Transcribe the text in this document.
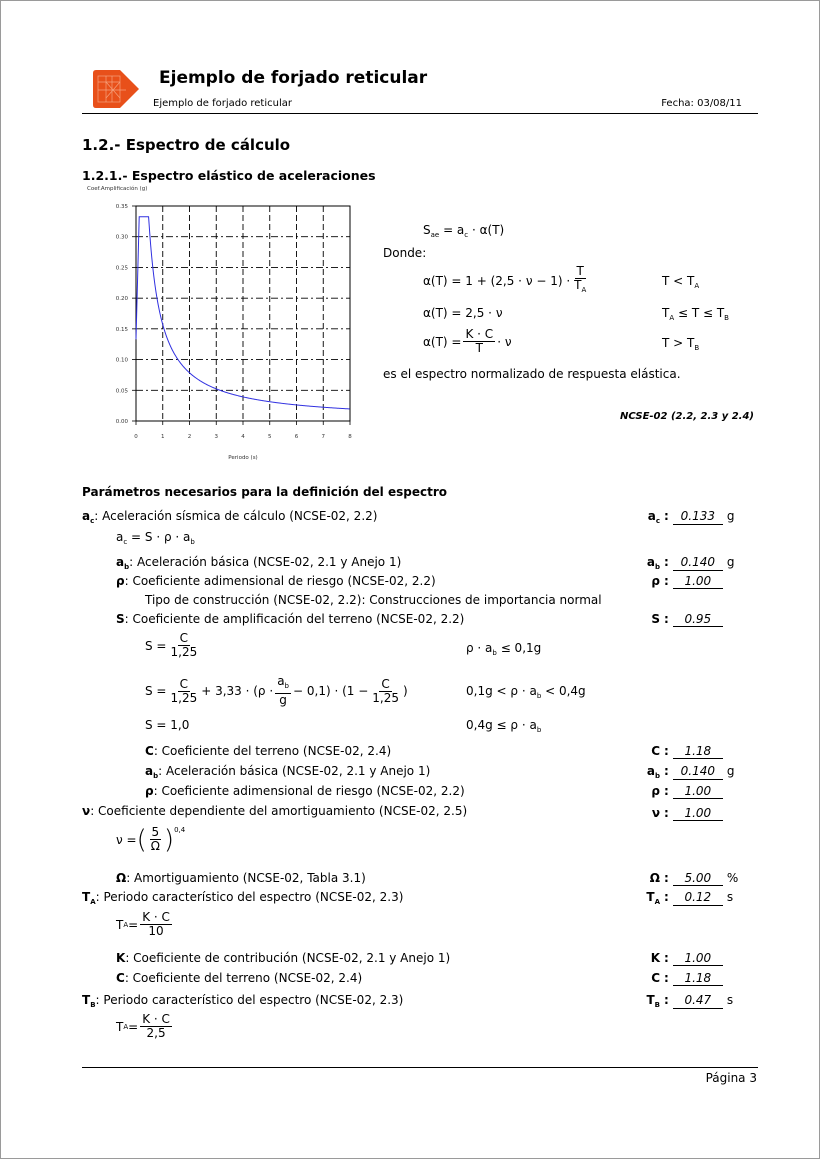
Ejemplo de forjado reticular
Ejemplo de forjado reticular	Fecha: 03/08/11
1.2.- Espectro de cálculo
1.2.1.- Espectro elástico de aceleraciones
Coef.Amplificación (g)
0.00
0.05
0.10
0.15
0.20
0.25
0.30
0.35
0	1	2	3	4	5	6	7	8
Periodo (s)
$S_{ae} = a_c \cdot \alpha(T)$
Donde:
$\alpha(T) = 1 + (2,5 \cdot \nu - 1) \cdot \frac{T}{T_A}$	$T < T_A$
α(T) = 2,5 · ν	$T_A \le T \le T_B$
$\alpha(T) = \frac{K \cdot C}{T} \cdot \nu$	$T > T_B$
es el espectro normalizado de respuesta elástica.
NCSE-02 (2.2, 2.3 y 2.4)
Parámetros necesarios para la definición del espectro
$a_c$: Aceleración sísmica de cálculo (NCSE-02, 2.2)	$a_c$ : 0.133 g
$a_c = S \cdot \rho \cdot a_b$
$a_b$: Aceleración básica (NCSE-02, 2.1 y Anejo 1)	$a_b$ : 0.140 g
ρ: Coeficiente adimensional de riesgo (NCSE-02, 2.2)	ρ :	1.00
Tipo de construcción (NCSE-02, 2.2): Construcciones de importancia normal
S: Coeficiente de amplificación del terreno (NCSE-02, 2.2)	S :	0.95
$S = \frac{C}{1,25}$	$\rho \cdot a_b \le 0,1g$
$S = \frac{C}{1,25} + 3,33 \cdot (\rho \cdot \frac{a_b}{g} - 0,1) \cdot (1 - \frac{C}{1,25}$ )	$0,1g < \rho \cdot a_b < 0,4g$
S = 1,0	$0,4g \le \rho \cdot a_b$
C: Coeficiente del terreno (NCSE-02, 2.4)	C :	1.18
$a_b$: Aceleración básica (NCSE-02, 2.1 y Anejo 1)	$a_b$ : 0.140 g
ρ: Coeficiente adimensional de riesgo (NCSE-02, 2.2)	ρ :	1.00
ν: Coeficiente dependiente del amortiguamiento (NCSE-02, 2.5)	ν :	1.00
ν = ( $\frac{5}{\Omega}$ ) 0,4
Ω: Amortiguamiento (NCSE-02, Tabla 3.1)	Ω :	5.00	%
$T_A$: Periodo característico del espectro (NCSE-02, 2.3)	$T_A$ :	0.12	s
T $A = \frac{K \cdot C}{10}$
K: Coeficiente de contribución (NCSE-02, 2.1 y Anejo 1)	K :	1.00
C: Coeficiente del terreno (NCSE-02, 2.4)	C :	1.18
$T_B$: Periodo característico del espectro (NCSE-02, 2.3)	$T_B$ :	0.47	s
T $A = \frac{K \cdot C}{2,5}$
Página 3
